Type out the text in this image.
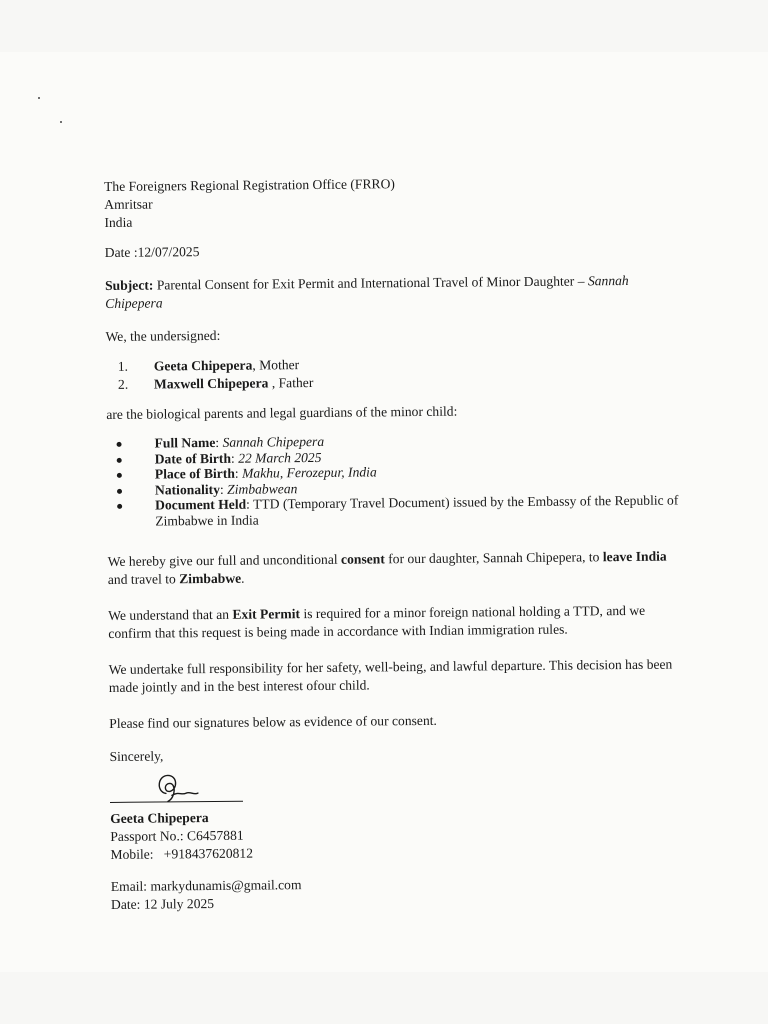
The Foreigners Regional Registration Office (FRRO)
Amritsar
India
Date :12/07/2025
Subject: Parental Consent for Exit Permit and International Travel of Minor Daughter – Sannah Chipepera
We, the undersigned:
1. Geeta Chipepera, Mother
2. Maxwell Chipepera , Father
are the biological parents and legal guardians of the minor child:
Full Name: Sannah Chipepera
Date of Birth: 22 March 2025
Place of Birth: Makhu, Ferozepur, India
Nationality: Zimbabwean
Document Held: TTD (Temporary Travel Document) issued by the Embassy of the Republic of Zimbabwe in India
We hereby give our full and unconditional consent for our daughter, Sannah Chipepera, to leave India and travel to Zimbabwe.
We understand that an Exit Permit is required for a minor foreign national holding a TTD, and we confirm that this request is being made in accordance with Indian immigration rules.
We undertake full responsibility for her safety, well-being, and lawful departure. This decision has been made jointly and in the best interest ofour child.
Please find our signatures below as evidence of our consent.
Sincerely,
Geeta Chipepera
Passport No.: C6457881
Mobile:   +918437620812
Email: markydunamis@gmail.com
Date: 12 July 2025
